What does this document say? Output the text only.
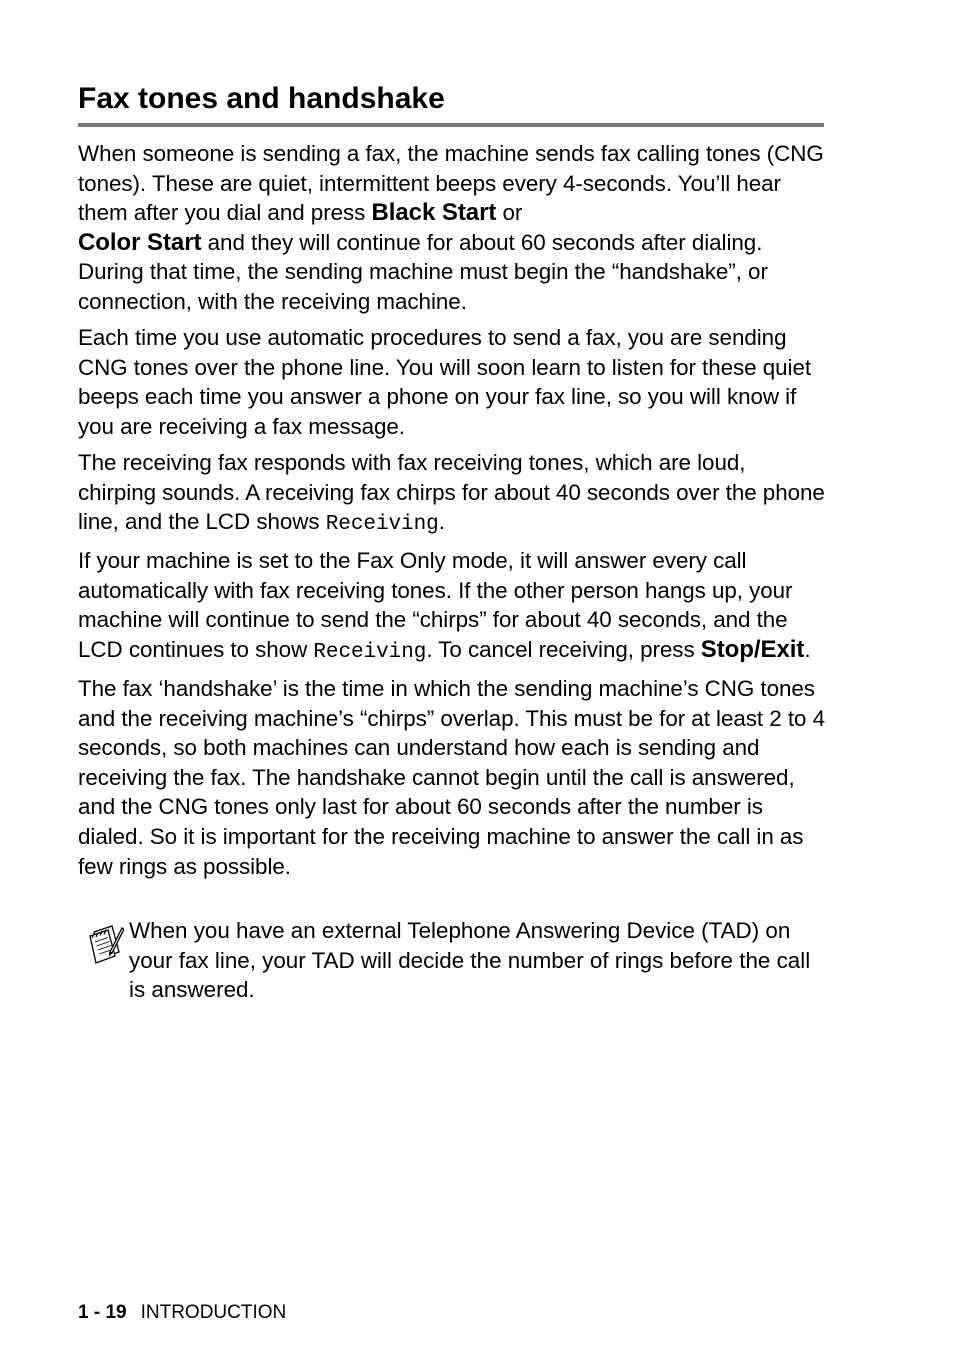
Fax tones and handshake

When someone is sending a fax, the machine sends fax calling tones (CNG tones). These are quiet, intermittent beeps every 4-seconds. You’ll hear them after you dial and press Black Start or
Color Start and they will continue for about 60 seconds after dialing. During that time, the sending machine must begin the “handshake”, or connection, with the receiving machine.

Each time you use automatic procedures to send a fax, you are sending CNG tones over the phone line. You will soon learn to listen for these quiet beeps each time you answer a phone on your fax line, so you will know if you are receiving a fax message.

The receiving fax responds with fax receiving tones, which are loud, chirping sounds. A receiving fax chirps for about 40 seconds over the phone line, and the LCD shows Receiving.

If your machine is set to the Fax Only mode, it will answer every call automatically with fax receiving tones. If the other person hangs up, your machine will continue to send the “chirps” for about 40 seconds, and the LCD continues to show Receiving. To cancel receiving, press Stop/Exit.

The fax ‘handshake’ is the time in which the sending machine’s CNG tones and the receiving machine’s “chirps” overlap. This must be for at least 2 to 4 seconds, so both machines can understand how each is sending and receiving the fax. The handshake cannot begin until the call is answered, and the CNG tones only last for about 60 seconds after the number is dialed. So it is important for the receiving machine to answer the call in as few rings as possible.

When you have an external Telephone Answering Device (TAD) on your fax line, your TAD will decide the number of rings before the call is answered.

1 - 19 INTRODUCTION
